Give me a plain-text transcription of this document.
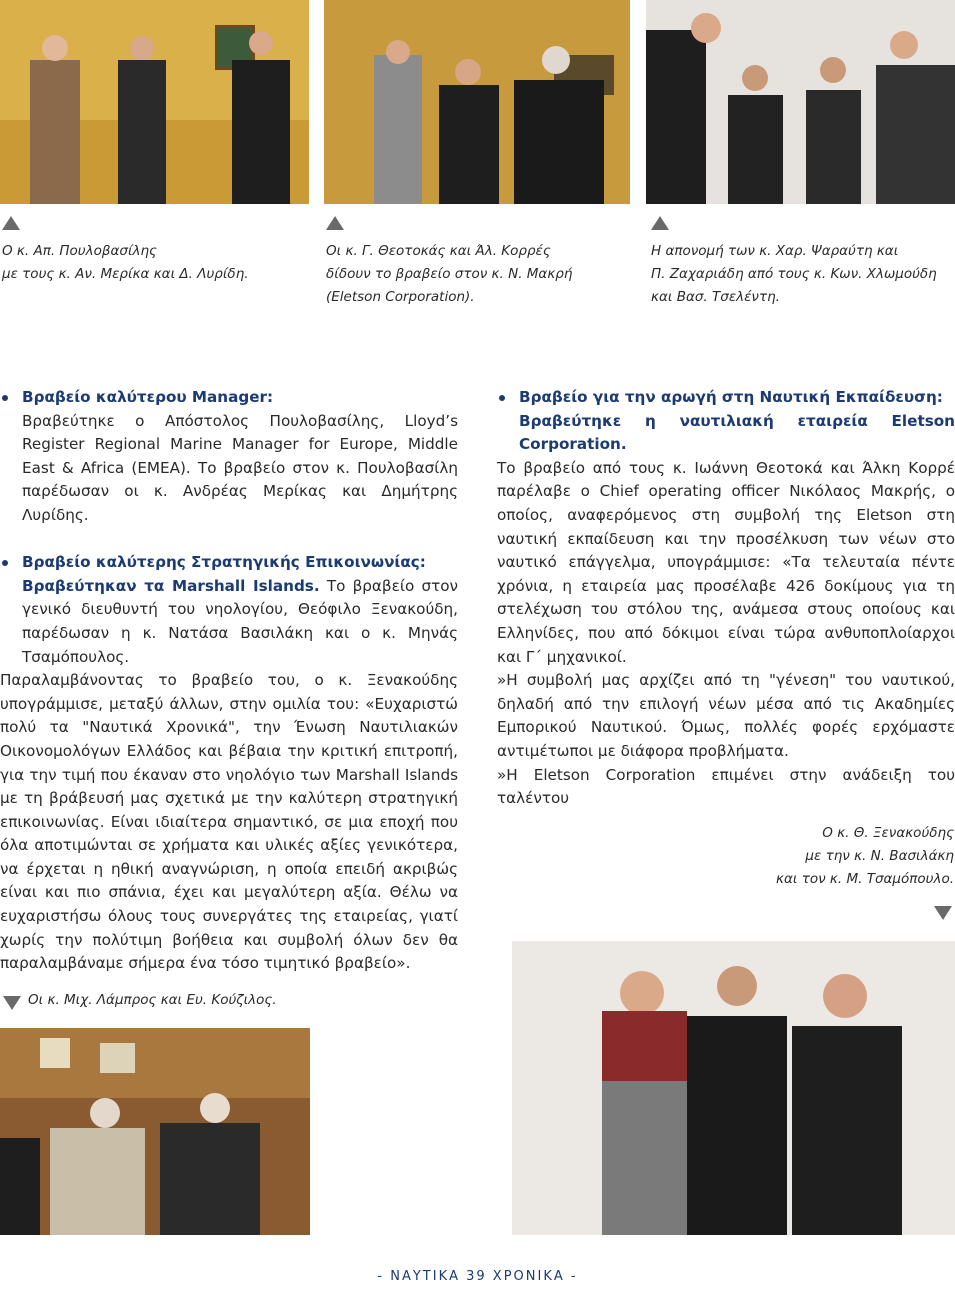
Ο κ. Απ. Πουλοβασίλης
με τους κ. Αν. Μερίκα και Δ. Λυρίδη.
Οι κ. Γ. Θεοτοκάς και Άλ. Κορρές
δίδουν το βραβείο στον κ. Ν. Μακρή
(Eletson Corporation).
Η απονομή των κ. Χαρ. Ψαραύτη και
Π. Ζαχαριάδη από τους κ. Κων. Χλωμούδη
και Βασ. Τσελέντη.

Βραβείο καλύτερου Manager:
Βραβεύτηκε ο Απόστολος Πουλοβασίλης, Lloyd’s Register Regional Marine Manager for Europe, Middle East & Africa (EMEA). Το βραβείο στον κ. Πουλοβασίλη παρέδωσαν οι κ. Ανδρέας Μερίκας και Δημήτρης Λυρίδης.

Βραβείο καλύτερης Στρατηγικής Επικοινωνίας:
Βραβεύτηκαν τα Marshall Islands. Το βραβείο στον γενικό διευθυντή του νηολογίου, Θεόφιλο Ξενακούδη, παρέδωσαν η κ. Νατάσα Βασιλάκη και ο κ. Μηνάς Τσαμόπουλος.

Παραλαμβάνοντας το βραβείο του, ο κ. Ξενακούδης υπογράμμισε, μεταξύ άλλων, στην ομιλία του: «Ευχαριστώ πολύ τα "Ναυτικά Χρονικά", την Ένωση Ναυτιλιακών Οικονομολόγων Ελλάδος και βέβαια την κριτική επιτροπή, για την τιμή που έκαναν στο νηολόγιο των Marshall Islands με τη βράβευσή μας σχετικά με την καλύτερη στρατηγική επικοινωνίας. Είναι ιδιαίτερα σημαντικό, σε μια εποχή που όλα αποτιμώνται σε χρήματα και υλικές αξίες γενικότερα, να έρχεται η ηθική αναγνώριση, η οποία επειδή ακριβώς είναι και πιο σπάνια, έχει και μεγαλύτερη αξία. Θέλω να ευχαριστήσω όλους τους συνεργάτες της εταιρείας, γιατί χωρίς την πολύτιμη βοήθεια και συμβολή όλων δεν θα παραλαμβάναμε σήμερα ένα τόσο τιμητικό βραβείο».

Βραβείο για την αρωγή στη Ναυτική Εκπαίδευση:
Βραβεύτηκε η ναυτιλιακή εταιρεία Eletson Corporation.

Το βραβείο από τους κ. Ιωάννη Θεοτοκά και Άλκη Κορρέ παρέλαβε ο Chief operating officer Νικόλαος Μακρής, ο οποίος, αναφερόμενος στη συμβολή της Eletson στη ναυτική εκπαίδευση και την προσέλκυση των νέων στο ναυτικό επάγγελμα, υπογράμμισε: «Τα τελευταία πέντε χρόνια, η εταιρεία μας προσέλαβε 426 δοκίμους για τη στελέχωση του στόλου της, ανάμεσα στους οποίους και Ελληνίδες, που από δόκιμοι είναι τώρα ανθυποπλοίαρχοι και Γ΄ μηχανικοί.

»Η συμβολή μας αρχίζει από τη "γένεση" του ναυτικού, δηλαδή από την επιλογή νέων μέσα από τις Ακαδημίες Εμπορικού Ναυτικού. Όμως, πολλές φορές ερχόμαστε αντιμέτωποι με διάφορα προβλήματα.

»Η Eletson Corporation επιμένει στην ανάδειξη του ταλέντου

Ο κ. Θ. Ξενακούδης
με την κ. Ν. Βασιλάκη
και τον κ. Μ. Τσαμόπουλο.
Οι κ. Μιχ. Λάμπρος και Ευ. Κούζιλος.
- ΝΑΥΤΙΚΑ 39 ΧΡΟΝΙΚΑ -
